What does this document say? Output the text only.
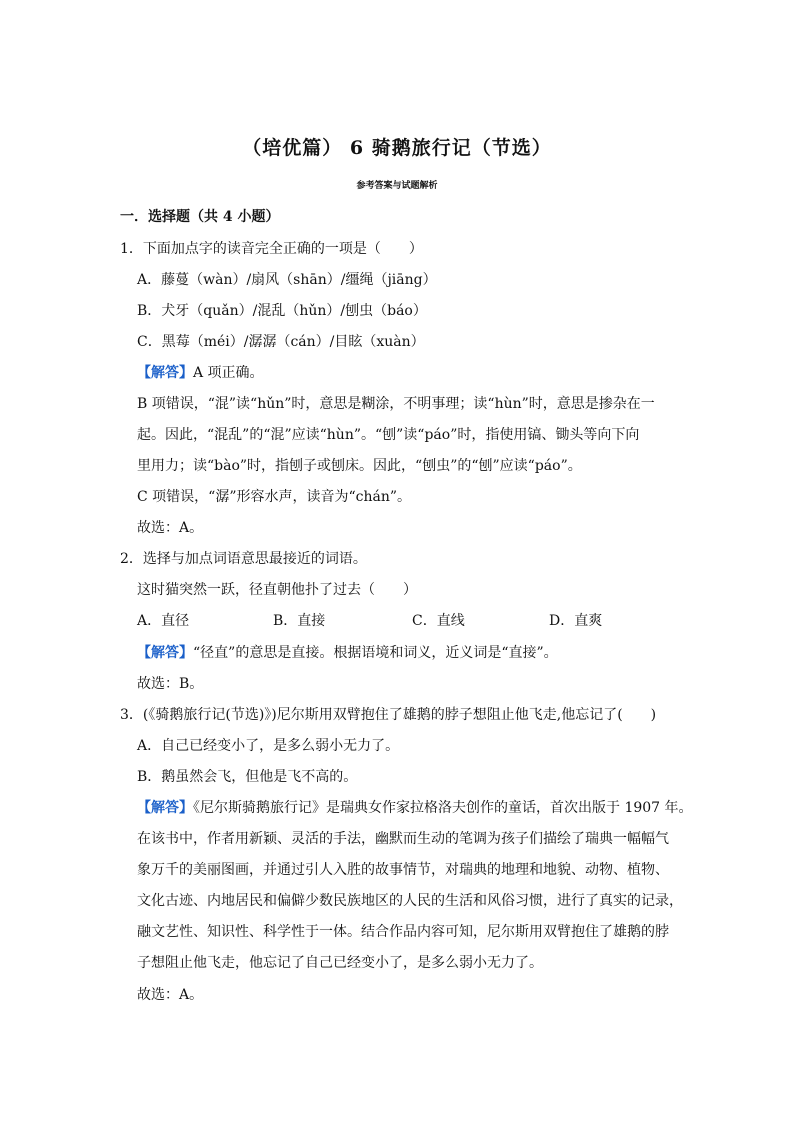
（培优篇） 6 骑鹅旅行记（节选）
参考答案与试题解析
一．选择题（共 4 小题）
1．下面加点字的读音完全正确的一项是（　　）
A．藤蔓（wàn）/扇风（shān）/缰绳（jiāng）
B．犬牙（quǎn）/混乱（hǔn）/刨虫（báo）
C．黑莓（méi）/潺潺（cán）/目眩（xuàn）
【解答】A 项正确。
B 项错误，“混”读“hǔn”时，意思是糊涂，不明事理；读“hùn”时，意思是掺杂在一
起。因此，“混乱”的“混”应读“hùn”。“刨”读“páo”时，指使用镐、锄头等向下向
里用力；读“bào”时，指刨子或刨床。因此，“刨虫”的“刨”应读“páo”。
C 项错误，“潺”形容水声，读音为“chán”。
故选：A。
2．选择与加点词语意思最接近的词语。
这时猫突然一跃，径直朝他扑了过去（　　）
A．直径	B．直接	C．直线	D．直爽
【解答】“径直”的意思是直接。根据语境和词义，近义词是“直接”。
故选：B。
3．(《骑鹅旅行记(节选)》)尼尔斯用双臂抱住了雄鹅的脖子想阻止他飞走,他忘记了(　　)
A．自己已经变小了，是多么弱小无力了。
B．鹅虽然会飞，但他是飞不高的。
【解答】《尼尔斯骑鹅旅行记》是瑞典女作家拉格洛夫创作的童话，首次出版于 1907 年。
在该书中，作者用新颖、灵活的手法，幽默而生动的笔调为孩子们描绘了瑞典一幅幅气
象万千的美丽图画，并通过引人入胜的故事情节，对瑞典的地理和地貌、动物、植物、
文化古迹、内地居民和偏僻少数民族地区的人民的生活和风俗习惯，进行了真实的记录，
融文艺性、知识性、科学性于一体。结合作品内容可知，尼尔斯用双臂抱住了雄鹅的脖
子想阻止他飞走，他忘记了自己已经变小了，是多么弱小无力了。
故选：A。
